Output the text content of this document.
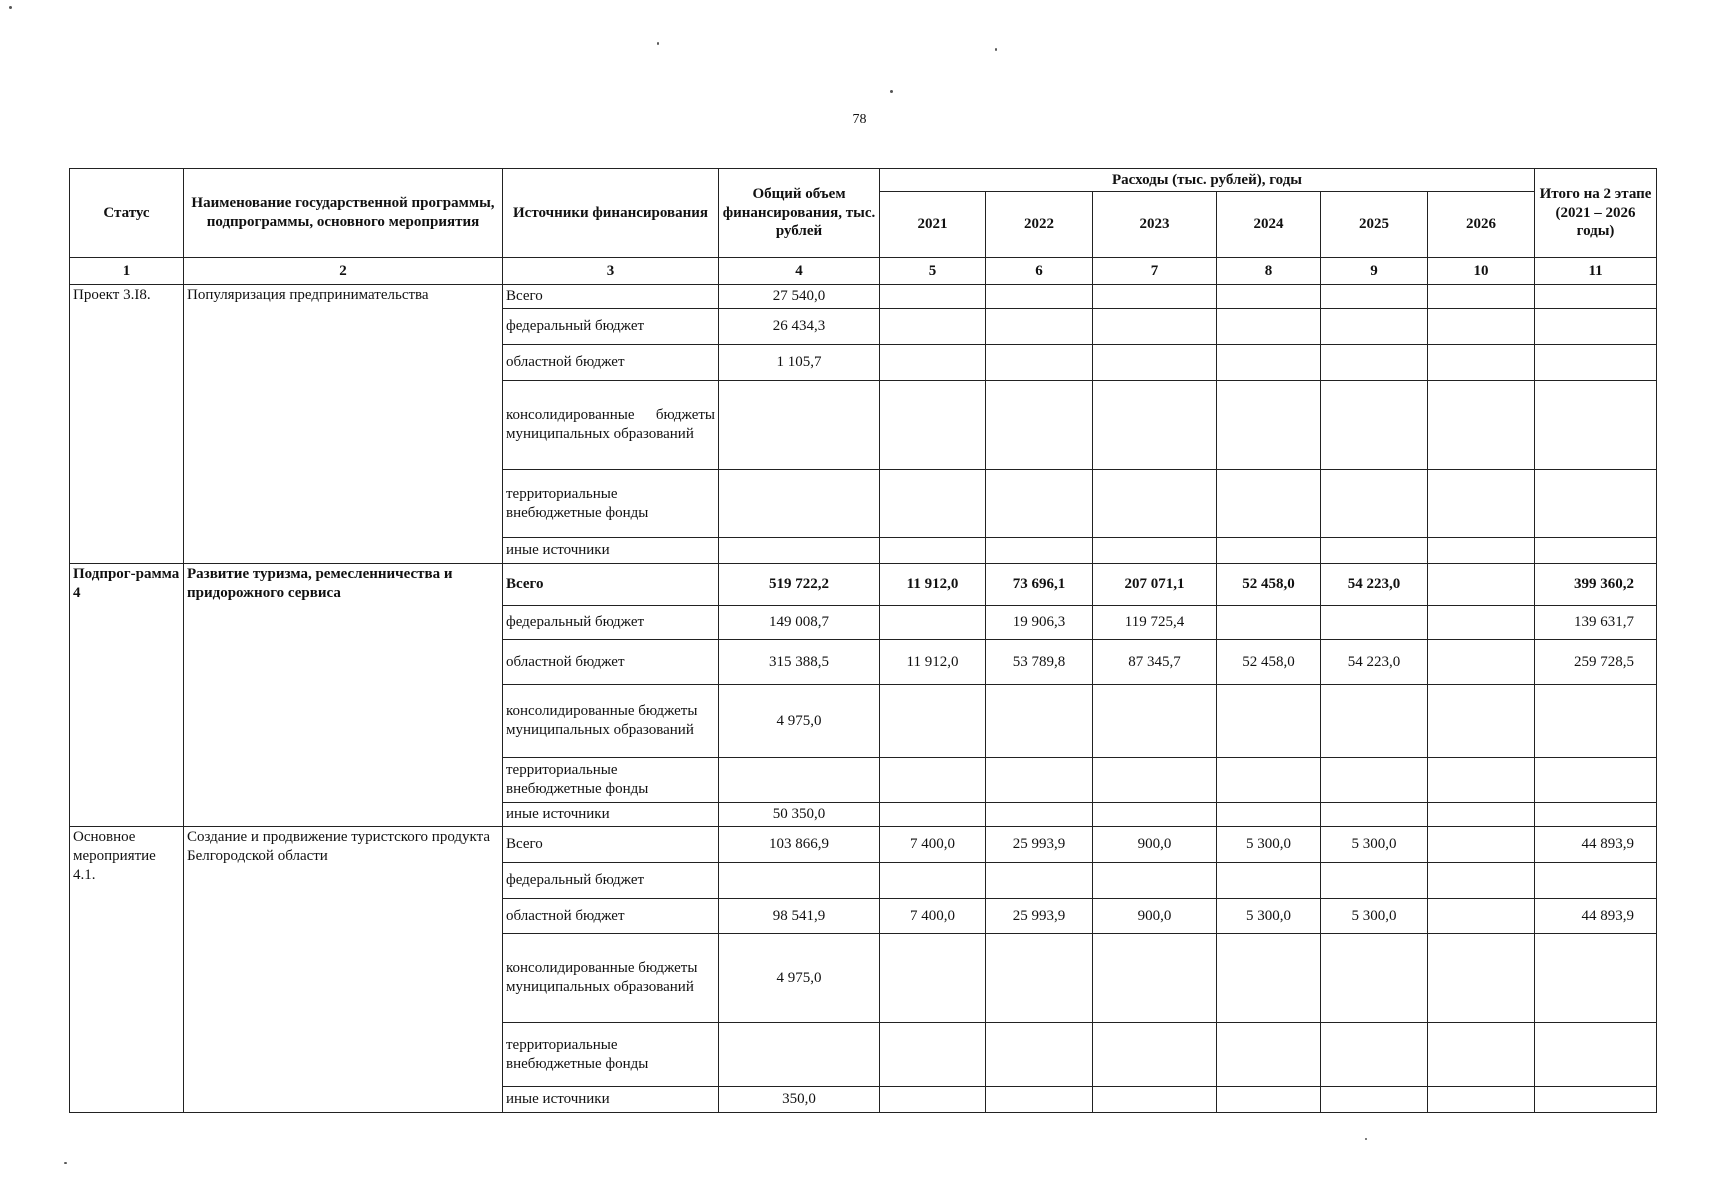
78
Статус	Наименование государственной программы, подпрограммы, основного мероприятия	Источники финансирования	Общий объем финансирования, тыс. рублей	Расходы (тыс. рублей), годы						Итого на 2 этапе (2021 – 2026 годы)
				2021	2022	2023	2024	2025	2026	
1	2	3	4	5	6	7	8	9	10	11
Проект 3.I8.	Популяризация предпринимательства	Всего	27 540,0							
		федеральный бюджет	26 434,3							
		областной бюджет	1 105,7							
		консолидированные бюджеты муниципальных образований								
		территориальные внебюджетные фонды								
		иные источники								
Подпрог-рамма 4	Развитие туризма, ремесленничества и придорожного сервиса	Всего	519 722,2	11 912,0	73 696,1	207 071,1	52 458,0	54 223,0		399 360,2
		федеральный бюджет	149 008,7		19 906,3	119 725,4				139 631,7
		областной бюджет	315 388,5	11 912,0	53 789,8	87 345,7	52 458,0	54 223,0		259 728,5
		консолидированные бюджеты муниципальных образований	4 975,0							
		территориальные внебюджетные фонды								
		иные источники	50 350,0							
Основное мероприятие 4.1.	Создание и продвижение туристского продукта Белгородской области	Всего	103 866,9	7 400,0	25 993,9	900,0	5 300,0	5 300,0		44 893,9
		федеральный бюджет								
		областной бюджет	98 541,9	7 400,0	25 993,9	900,0	5 300,0	5 300,0		44 893,9
		консолидированные бюджеты муниципальных образований	4 975,0							
		территориальные внебюджетные фонды								
		иные источники	350,0							
